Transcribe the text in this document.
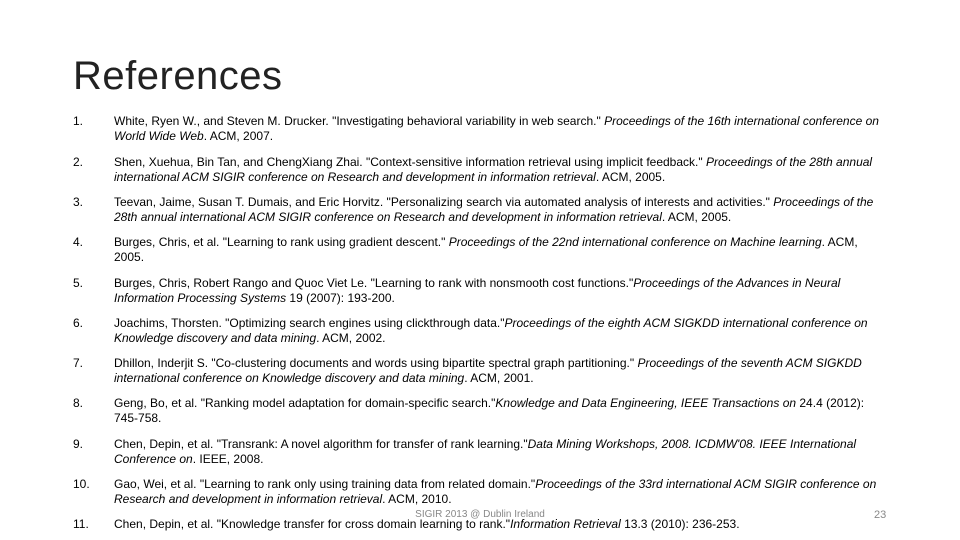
References
1.	White, Ryen W., and Steven M. Drucker. "Investigating behavioral variability in web search." Proceedings of the 16th international conference on World Wide Web. ACM, 2007.
2.	Shen, Xuehua, Bin Tan, and ChengXiang Zhai. "Context-sensitive information retrieval using implicit feedback." Proceedings of the 28th annual international ACM SIGIR conference on Research and development in information retrieval. ACM, 2005.
3.	Teevan, Jaime, Susan T. Dumais, and Eric Horvitz. "Personalizing search via automated analysis of interests and activities." Proceedings of the 28th annual international ACM SIGIR conference on Research and development in information retrieval. ACM, 2005.
4.	Burges, Chris, et al. "Learning to rank using gradient descent." Proceedings of the 22nd international conference on Machine learning. ACM, 2005.
5.	Burges, Chris, Robert Rango and Quoc Viet Le. "Learning to rank with nonsmooth cost functions."Proceedings of the Advances in Neural Information Processing Systems 19 (2007): 193-200.
6.	Joachims, Thorsten. "Optimizing search engines using clickthrough data."Proceedings of the eighth ACM SIGKDD international conference on Knowledge discovery and data mining. ACM, 2002.
7.	Dhillon, Inderjit S. "Co-clustering documents and words using bipartite spectral graph partitioning." Proceedings of the seventh ACM SIGKDD international conference on Knowledge discovery and data mining. ACM, 2001.
8.	Geng, Bo, et al. "Ranking model adaptation for domain-specific search."Knowledge and Data Engineering, IEEE Transactions on 24.4 (2012): 745-758.
9.	Chen, Depin, et al. "Transrank: A novel algorithm for transfer of rank learning."Data Mining Workshops, 2008. ICDMW'08. IEEE International Conference on. IEEE, 2008.
10. Gao, Wei, et al. "Learning to rank only using training data from related domain."Proceedings of the 33rd international ACM SIGIR conference on Research and development in information retrieval. ACM, 2010.
11. Chen, Depin, et al. "Knowledge transfer for cross domain learning to rank."Information Retrieval 13.3 (2010): 236-253.
SIGIR 2013 @ Dublin Ireland	23
